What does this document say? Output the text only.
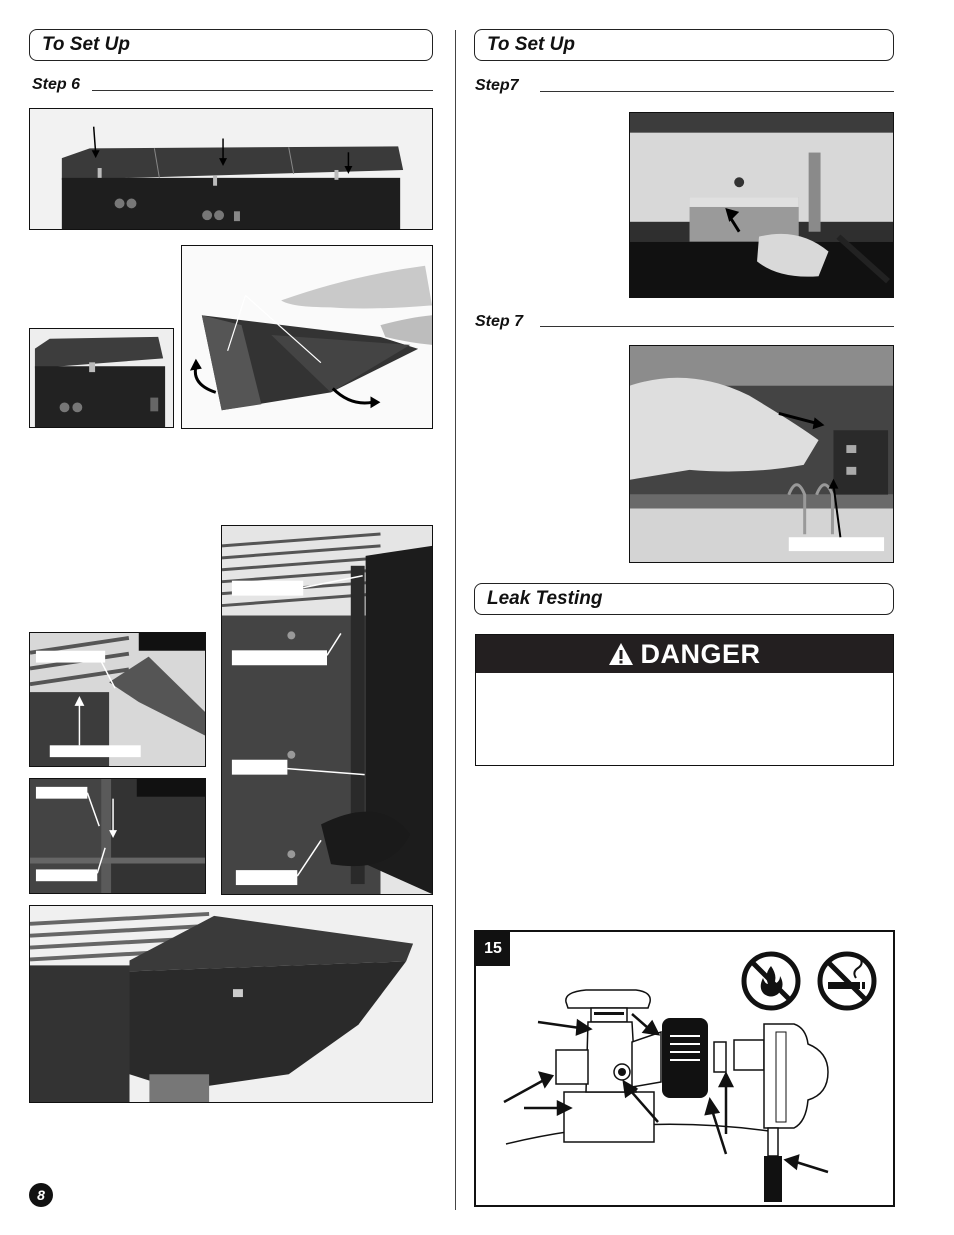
To Set Up
Step 6
8
To Set Up
Step7
Step 7
Leak Testing
DANGER
15
